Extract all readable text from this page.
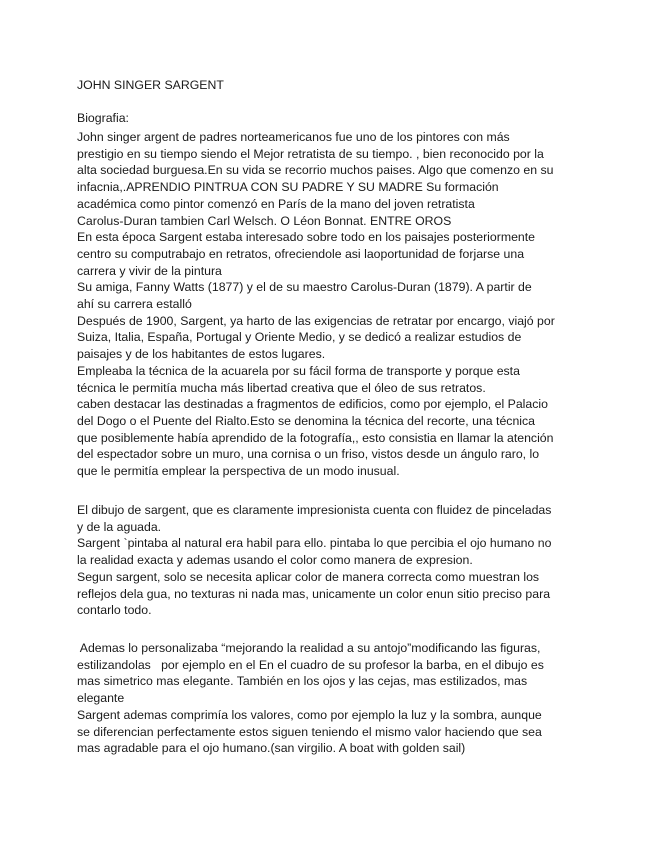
JOHN SINGER SARGENT
Biografia:
John singer argent de padres norteamericanos fue uno de los pintores con más
prestigio en su tiempo siendo el Mejor retratista de su tiempo. , bien reconocido por la
alta sociedad burguesa.En su vida se recorrio muchos paises. Algo que comenzo en su
infacnia,.APRENDIO PINTRUA CON SU PADRE Y SU MADRE Su formación
académica como pintor comenzó en París de la mano del joven retratista
Carolus-Duran tambien Carl Welsch. O Léon Bonnat. ENTRE OROS
En esta época Sargent estaba interesado sobre todo en los paisajes posteriormente
centro su computrabajo en retratos, ofreciendole asi laoportunidad de forjarse una
carrera y vivir de la pintura
Su amiga, Fanny Watts (1877) y el de su maestro Carolus-Duran (1879). A partir de
ahí su carrera estalló
Después de 1900, Sargent, ya harto de las exigencias de retratar por encargo, viajó por
Suiza, Italia, España, Portugal y Oriente Medio, y se dedicó a realizar estudios de
paisajes y de los habitantes de estos lugares.
Empleaba la técnica de la acuarela por su fácil forma de transporte y porque esta
técnica le permitía mucha más libertad creativa que el óleo de sus retratos.
caben destacar las destinadas a fragmentos de edificios, como por ejemplo, el Palacio
del Dogo o el Puente del Rialto.Esto se denomina la técnica del recorte, una técnica
que posiblemente había aprendido de la fotografía,, esto consistia en llamar la atención
del espectador sobre un muro, una cornisa o un friso, vistos desde un ángulo raro, lo
que le permitía emplear la perspectiva de un modo inusual.
El dibujo de sargent, que es claramente impresionista cuenta con fluidez de pinceladas
y de la aguada.
Sargent `pintaba al natural era habil para ello. pintaba lo que percibia el ojo humano no
la realidad exacta y ademas usando el color como manera de expresion.
Segun sargent, solo se necesita aplicar color de manera correcta como muestran los
reflejos dela gua, no texturas ni nada mas, unicamente un color enun sitio preciso para
contarlo todo.
Ademas lo personalizaba “mejorando la realidad a su antojo”modificando las figuras,
estilizandolas   por ejemplo en el En el cuadro de su profesor la barba, en el dibujo es
mas simetrico mas elegante. También en los ojos y las cejas, mas estilizados, mas
elegante
Sargent ademas comprimía los valores, como por ejemplo la luz y la sombra, aunque
se diferencian perfectamente estos siguen teniendo el mismo valor haciendo que sea
mas agradable para el ojo humano.(san virgilio. A boat with golden sail)
